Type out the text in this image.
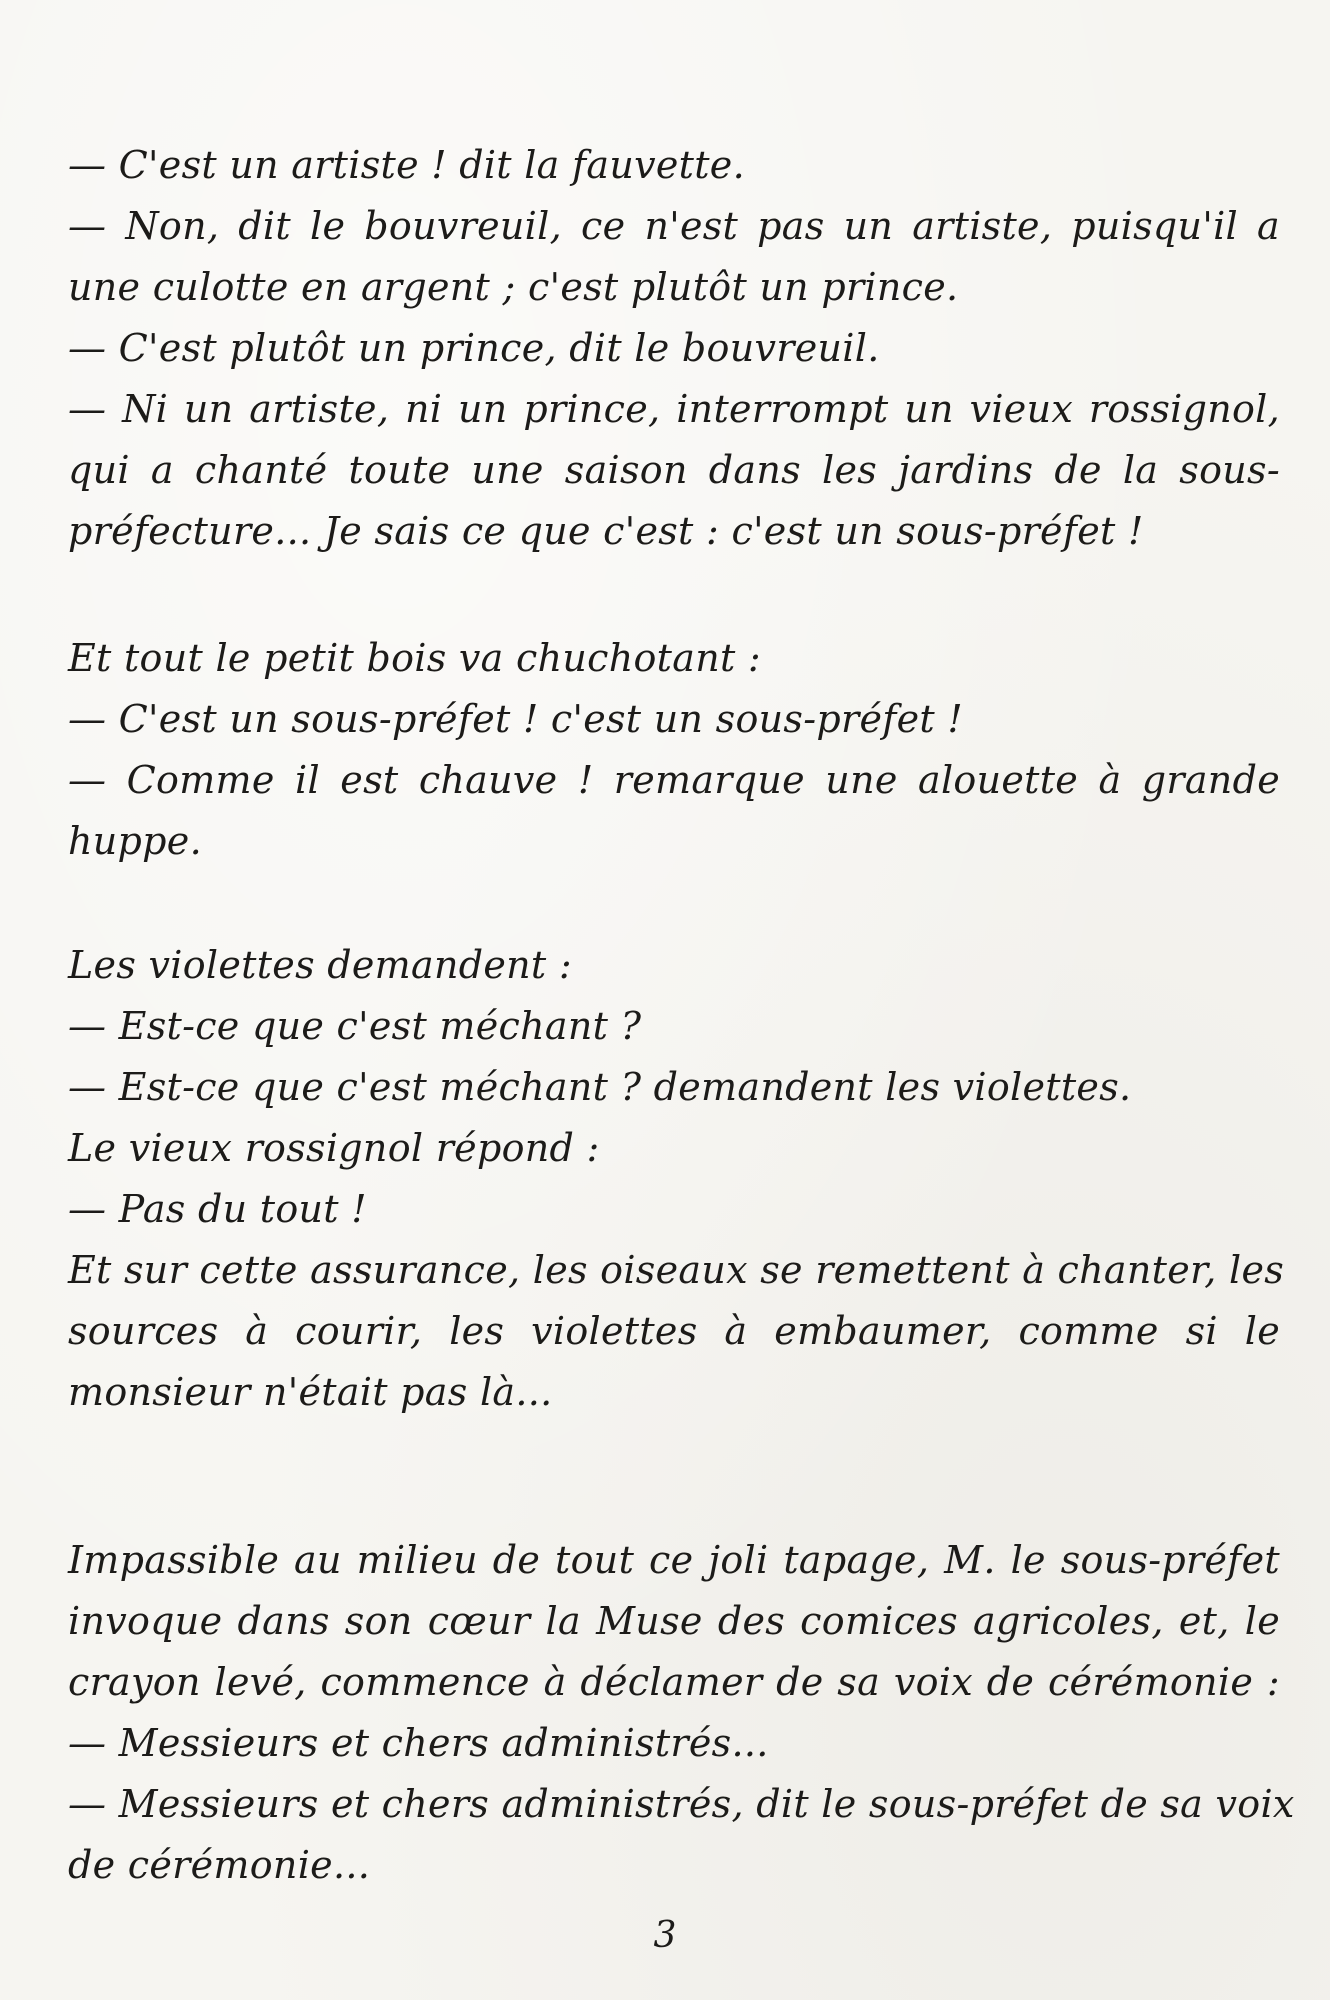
— C'est un artiste ! dit la fauvette.
— Non, dit le bouvreuil, ce n'est pas un artiste, puisqu'il a
une culotte en argent ; c'est plutôt un prince.
— C'est plutôt un prince, dit le bouvreuil.
— Ni un artiste, ni un prince, interrompt un vieux rossignol,
qui a chanté toute une saison dans les jardins de la sous-
préfecture... Je sais ce que c'est : c'est un sous-préfet !
Et tout le petit bois va chuchotant :
— C'est un sous-préfet ! c'est un sous-préfet !
— Comme il est chauve ! remarque une alouette à grande
huppe.
Les violettes demandent :
— Est-ce que c'est méchant ?
— Est-ce que c'est méchant ? demandent les violettes.
Le vieux rossignol répond :
— Pas du tout !
Et sur cette assurance, les oiseaux se remettent à chanter, les
sources à courir, les violettes à embaumer, comme si le
monsieur n'était pas là...
Impassible au milieu de tout ce joli tapage, M. le sous-préfet
invoque dans son cœur la Muse des comices agricoles, et, le
crayon levé, commence à déclamer de sa voix de cérémonie :
— Messieurs et chers administrés...
— Messieurs et chers administrés, dit le sous-préfet de sa voix
de cérémonie...
3
